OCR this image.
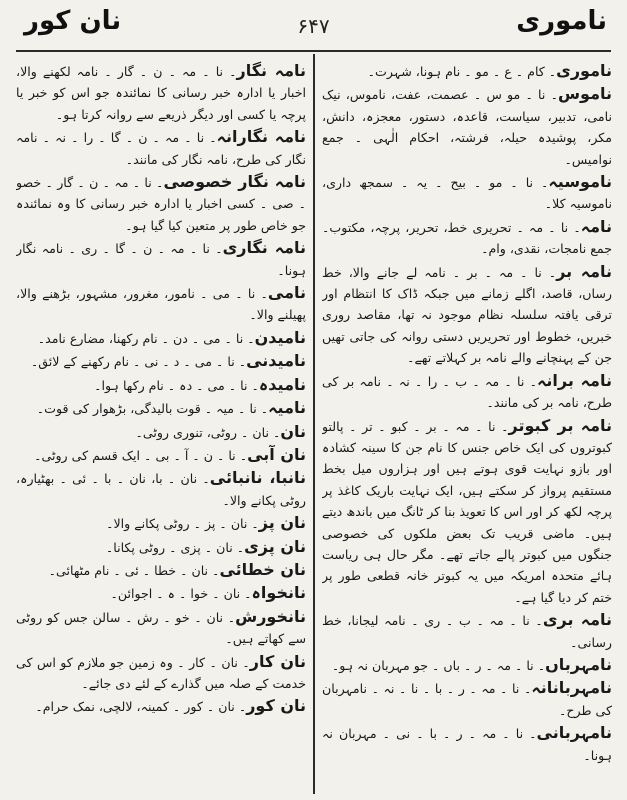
ناموری
۶۴۷
نان کور
ناموری۔ کام ۔ ع ۔ مو ۔ نام ہونا، شہرت۔
ناموس۔ نا ۔ مو س ۔ عصمت، عفت، ناموس، نیک نامی، تدبیر، سیاست، قاعدہ، دستور، معجزہ، دانش، مکر، پوشیدہ حیلہ، فرشتہ، احکام الٰہی ۔ جمع نوامیس۔
ناموسیہ۔ نا ۔ مو ۔ بیح ۔ یہ ۔ سمجھ داری، ناموسیہ کلا۔
نامہ۔ نا ۔ مہ ۔ تحریری خط، تحریر، پرچہ، مکتوب۔ جمع نامجات، نقدی، وام۔
نامہ بر۔ نا ۔ مہ ۔ بر ۔ نامہ لے جانے والا، خط رساں، قاصد، اگلے زمانے میں جبکہ ڈاک کا انتظام اور ترقی یافتہ سلسلہ نظام موجود نہ تھا، مقاصد روری خبریں، خطوط اور تحریریں دستی روانہ کی جاتی تھیں جن کے پہنچانے والے نامہ بر کہلاتے تھے۔
نامہ برانہ۔ نا ۔ مہ ۔ ب ۔ را ۔ نہ ۔ نامہ بر کی طرح، نامہ بر کی مانند۔
نامہ بر کبوتر۔ نا ۔ مہ ۔ بر ۔ کبو ۔ تر ۔ پالتو کبوتروں کی ایک خاص جنس کا نام جن کا سینہ کشادہ اور بازو نہایت قوی ہوتے ہیں اور ہزاروں میل بخط مستقیم پرواز کر سکتے ہیں، ایک نہایت باریک کاغذ پر پرچہ لکھ کر اور اس کا تعویذ بنا کر ٹانگ میں باندھ دیتے ہیں۔ ماضی قریب تک بعض ملکوں کی خصوصی جنگوں میں کبوتر پالے جاتے تھے۔ مگر حال ہی ریاست ہائے متحدہ امریکہ میں یہ کبوتر خانہ قطعی طور پر ختم کر دیا گیا ہے۔
نامہ بری۔ نا ۔ مہ ۔ ب ۔ ری ۔ نامہ لیجانا، خط رسانی۔
نامہرباں۔ نا ۔ مہ ۔ ر ۔ باں ۔ جو مہربان نہ ہو۔
نامہربانانہ۔ نا ۔ مہ ۔ ر ۔ با ۔ نا ۔ نہ ۔ نامہربان کی طرح۔
نامہربانی۔ نا ۔ مہ ۔ ر ۔ با ۔ نی ۔ مہربان نہ ہونا۔
نامہ نگار۔ نا ۔ مہ ۔ ن ۔ گار ۔ نامہ لکھنے والا، اخبار یا ادارہ خبر رسانی کا نمائندہ جو اس کو خبر یا پرچہ یا کسی اور دیگر ذریعے سے روانہ کرتا ہو۔
نامہ نگارانہ۔ نا ۔ مہ ۔ ن ۔ گا ۔ را ۔ نہ ۔ نامہ نگار کی طرح، نامہ نگار کی مانند۔
نامہ نگار خصوصی۔ نا ۔ مہ ۔ ن ۔ گار ۔ خصو ۔ صی ۔ کسی اخبار یا ادارہ خبر رسانی کا وہ نمائندہ جو خاص طور پر متعین کیا گیا ہو۔
نامہ نگاری۔ نا ۔ مہ ۔ ن ۔ گا ۔ ری ۔ نامہ نگار ہونا۔
نامی۔ نا ۔ می ۔ نامور، مغرور، مشہور، بڑھنے والا، پھیلنے والا۔
نامیدن۔ نا ۔ می ۔ دن ۔ نام رکھنا، مضارع نامد۔
نامیدنی۔ نا ۔ می ۔ د ۔ نی ۔ نام رکھنے کے لائق۔
نامیدہ۔ نا ۔ می ۔ دہ ۔ نام رکھا ہوا۔
نامیہ۔ نا ۔ میہ ۔ قوت بالیدگی، بڑھوار کی قوت۔
نان۔ نان ۔ روٹی، تنوری روٹی۔
نان آبی۔ نا ۔ ن ۔ آ ۔ بی ۔ ایک قسم کی روٹی۔
نانبا، نانبائی۔ نان ۔ با، نان ۔ با ۔ ئی ۔ بھٹیارہ، روٹی پکانے والا۔
نان پز۔ نان ۔ پز ۔ روٹی پکانے والا۔
نان پزی۔ نان ۔ پزی ۔ روٹی پکانا۔
نان خطائی۔ نان ۔ خطا ۔ ئی ۔ نام مٹھائی۔
نانخواہ۔ نان ۔ خوا ۔ ہ ۔ اجوائن۔
نانخورش۔ نان ۔ خو ۔ رش ۔ سالن جس کو روٹی سے کھاتے ہیں۔
نان کار۔ نان ۔ کار ۔ وہ زمین جو ملازم کو اس کی خدمت کے صلہ میں گذارے کے لئے دی جائے۔
نان کور۔ نان ۔ کور ۔ کمینہ، لالچی، نمک حرام۔
